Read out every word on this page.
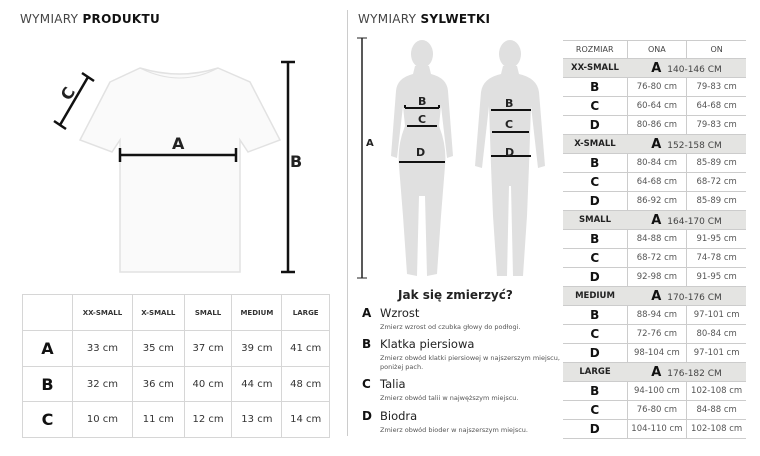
WYMIARY PRODUKTU
A
B
C
	XX-SMALL	X-SMALL	SMALL	MEDIUM	LARGE
A	33 cm	35 cm	37 cm	39 cm	41 cm
B	32 cm	36 cm	40 cm	44 cm	48 cm
C	10 cm	11 cm	12 cm	13 cm	14 cm
WYMIARY SYLWETKI
A
B
C
D
B
C
D
Jak się zmierzyć?
A Wzrost
Zmierz wzrost od czubka głowy do podłogi.
B Klatka piersiowa
Zmierz obwód klatki piersiowej w najszerszym miejscu, poniżej pach.
C Talia
Zmierz obwód talii w najwęższym miejscu.
D Biodra
Zmierz obwód bioder w najszerszym miejscu.
ROZMIAR	ONA	ON
XX-SMALL	A 140-146 CM	
B	76-80 cm	79-83 cm
C	60-64 cm	64-68 cm
D	80-86 cm	79-83 cm
X-SMALL	A 152-158 CM	
B	80-84 cm	85-89 cm
C	64-68 cm	68-72 cm
D	86-92 cm	85-89 cm
SMALL	A 164-170 CM	
B	84-88 cm	91-95 cm
C	68-72 cm	74-78 cm
D	92-98 cm	91-95 cm
MEDIUM	A 170-176 CM	
B	88-94 cm	97-101 cm
C	72-76 cm	80-84 cm
D	98-104 cm	97-101 cm
LARGE	A 176-182 CM	
B	94-100 cm	102-108 cm
C	76-80 cm	84-88 cm
D	104-110 cm	102-108 cm
